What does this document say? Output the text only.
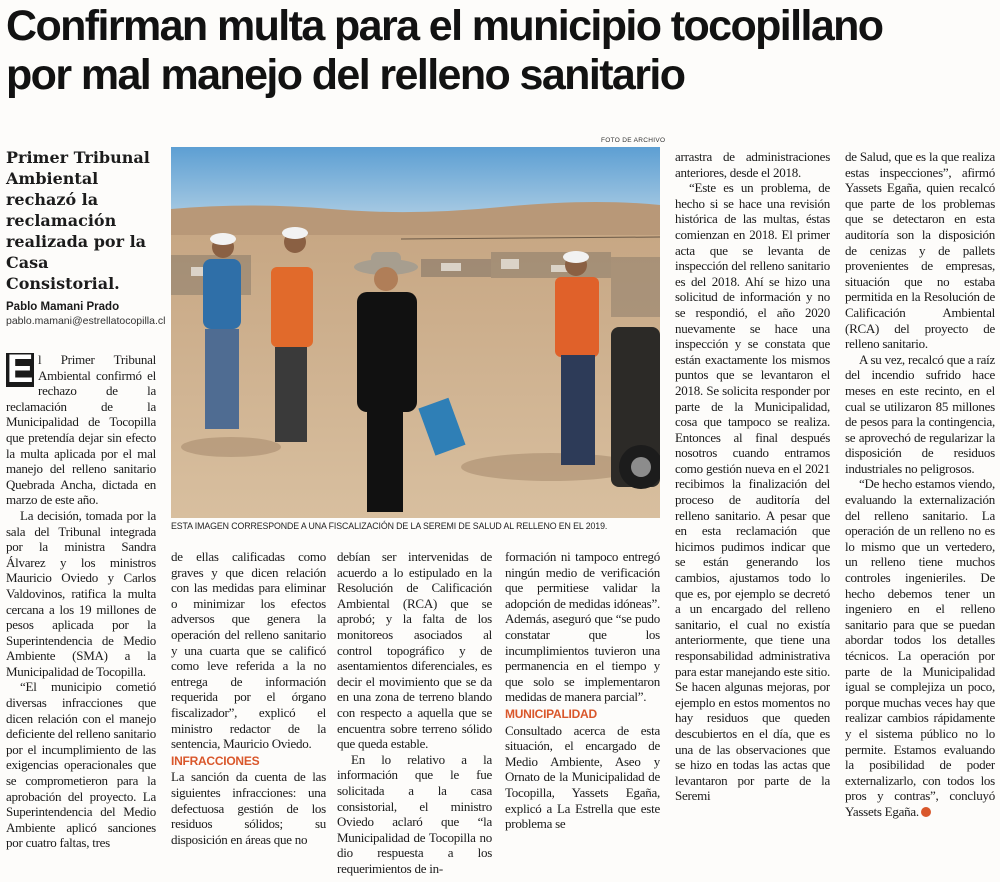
Confirman multa para el municipio tocopillano
por mal manejo del relleno sanitario
Primer Tribunal Ambiental rechazó la reclamación realizada por la Casa Consistorial.
Pablo Mamani Prado
pablo.mamani@estrellatocopilla.cl
FOTO DE ARCHIVO
ESTA IMAGEN CORRESPONDE A UNA FISCALIZACIÓN DE LA SEREMI DE SALUD AL RELLENO EN EL 2019.

E l Primer Tribunal Ambiental confirmó el rechazo de la reclamación de la Municipalidad de Tocopilla que pretendía dejar sin efecto la multa aplicada por el mal manejo del relleno sanitario Quebrada Ancha, dictada en marzo de este año.

La decisión, tomada por la sala del Tribunal integrada por la ministra Sandra Álvarez y los ministros Mauricio Oviedo y Carlos Valdovinos, ratifica la multa cercana a los 19 millones de pesos aplicada por la Superintendencia de Medio Ambiente (SMA) a la Municipalidad de Tocopilla.

“El municipio cometió diversas infracciones que dicen relación con el manejo deficiente del relleno sanitario por el incumplimiento de las exigencias operacionales que se comprometieron para la aprobación del proyecto. La Superintendencia del Medio Ambiente aplicó sanciones por cuatro faltas, tres

de ellas calificadas como graves y que dicen relación con las medidas para eliminar o minimizar los efectos adversos que genera la operación del relleno sanitario y una cuarta que se calificó como leve referida a la no entrega de información requerida por el órgano fiscalizador”, explicó el ministro redactor de la sentencia, Mauricio Oviedo.

INFRACCIONES

La sanción da cuenta de las siguientes infracciones: una defectuosa gestión de los residuos sólidos; su disposición en áreas que no

debían ser intervenidas de acuerdo a lo estipulado en la Resolución de Calificación Ambiental (RCA) que se aprobó; y la falta de los monitoreos asociados al control topográfico y de asentamientos diferenciales, es decir el movimiento que se da en una zona de terreno blando con respecto a aquella que se encuentra sobre terreno sólido que queda estable.

En lo relativo a la información que le fue solicitada a la casa consistorial, el ministro Oviedo aclaró que “la Municipalidad de Tocopilla no dio respuesta a los requerimientos de in-

formación ni tampoco entregó ningún medio de verificación que permitiese validar la adopción de medidas idóneas”. Además, aseguró que “se pudo constatar que los incumplimientos tuvieron una permanencia en el tiempo y que solo se implementaron medidas de manera parcial”.

MUNICIPALIDAD

Consultado acerca de esta situación, el encargado de Medio Ambiente, Aseo y Ornato de la Municipalidad de Tocopilla, Yassets Egaña, explicó a La Estrella que este problema se

arrastra de administraciones anteriores, desde el 2018.

“Este es un problema, de hecho si se hace una revisión histórica de las multas, éstas comienzan en 2018. El primer acta que se levanta de inspección del relleno sanitario es del 2018. Ahí se hizo una solicitud de información y no se respondió, el año 2020 nuevamente se hace una inspección y se constata que están exactamente los mismos puntos que se levantaron el 2018. Se solicita responder por parte de la Municipalidad, cosa que tampoco se realiza. Entonces al final después nosotros cuando entramos como gestión nueva en el 2021 recibimos la finalización del proceso de auditoría del relleno sanitario. A pesar que en esta reclamación que hicimos pudimos indicar que se están generando los cambios, ajustamos todo lo que es, por ejemplo se decretó a un encargado del relleno sanitario, el cual no existía anteriormente, que tiene una responsabilidad administrativa para estar manejando este sitio. Se hacen algunas mejoras, por ejemplo en estos momentos no hay residuos que queden descubiertos en el día, que es una de las observaciones que se hizo en todas las actas que levantaron por parte de la Seremi

de Salud, que es la que realiza estas inspecciones”, afirmó Yassets Egaña, quien recalcó que parte de los problemas que se detectaron en esta auditoría son la disposición de cenizas y de pallets provenientes de empresas, situación que no estaba permitida en la Resolución de Calificación Ambiental (RCA) del proyecto de relleno sanitario.

A su vez, recalcó que a raíz del incendio sufrido hace meses en este recinto, en el cual se utilizaron 85 millones de pesos para la contingencia, se aprovechó de regularizar la disposición de residuos industriales no peligrosos.

“De hecho estamos viendo, evaluando la externalización del relleno sanitario. La operación de un relleno no es lo mismo que un vertedero, un relleno tiene muchos controles ingenieriles. De hecho debemos tener un ingeniero en el relleno sanitario para que se puedan abordar todos los detalles técnicos. La operación por parte de la Municipalidad igual se complejiza un poco, porque muchas veces hay que realizar cambios rápidamente y el sistema público no lo permite. Estamos evaluando la posibilidad de poder externalizarlo, con todos los pros y contras”, concluyó Yassets Egaña.
